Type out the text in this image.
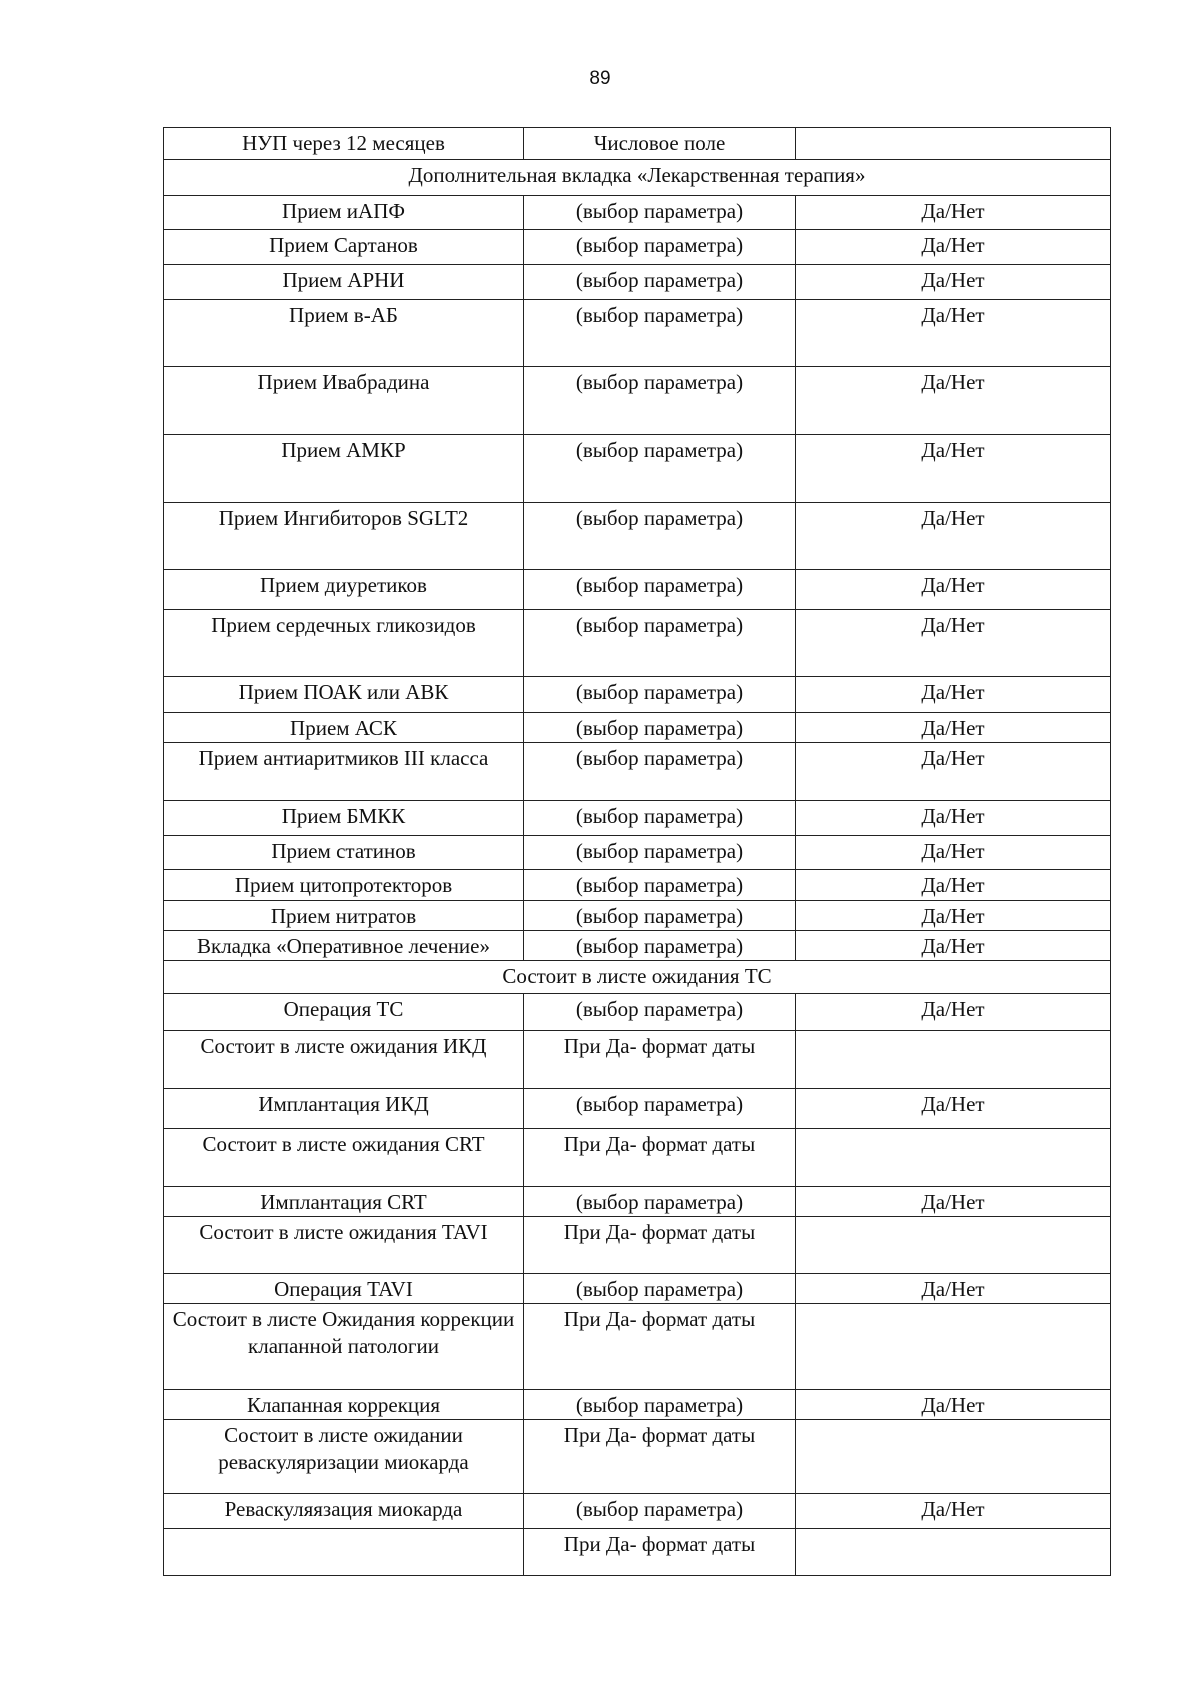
89
НУП через 12 месяцев	Числовое поле	
Дополнительная вкладка «Лекарственная терапия»		
Прием иАПФ	(выбор параметра)	Да/Нет
Прием Сартанов	(выбор параметра)	Да/Нет
Прием АРНИ	(выбор параметра)	Да/Нет
Прием в-АБ	(выбор параметра)	Да/Нет
Прием Ивабрадина	(выбор параметра)	Да/Нет
Прием АМКР	(выбор параметра)	Да/Нет
Прием Ингибиторов SGLT2	(выбор параметра)	Да/Нет
Прием диуретиков	(выбор параметра)	Да/Нет
Прием сердечных гликозидов	(выбор параметра)	Да/Нет
Прием ПОАК или АВК	(выбор параметра)	Да/Нет
Прием АСК	(выбор параметра)	Да/Нет
Прием антиаритмиков III класса	(выбор параметра)	Да/Нет
Прием БМКК	(выбор параметра)	Да/Нет
Прием статинов	(выбор параметра)	Да/Нет
Прием цитопротекторов	(выбор параметра)	Да/Нет
Прием нитратов	(выбор параметра)	Да/Нет
Вкладка «Оперативное лечение»	(выбор параметра)	Да/Нет
Состоит в листе ожидания ТС		
Операция ТС	(выбор параметра)	Да/Нет
Состоит в листе ожидания ИКД	При Да- формат даты	
Имплантация ИКД	(выбор параметра)	Да/Нет
Состоит в листе ожидания CRT	При Да- формат даты	
Имплантация CRT	(выбор параметра)	Да/Нет
Состоит в листе ожидания TAVI	При Да- формат даты	
Операция TAVI	(выбор параметра)	Да/Нет
Состоит в листе Ожидания коррекции клапанной патологии	При Да- формат даты	
Клапанная коррекция	(выбор параметра)	Да/Нет
Состоит в листе ожидании реваскуляризации миокарда	При Да- формат даты	
Реваскуляязация миокарда	(выбор параметра)	Да/Нет
	При Да- формат даты	
